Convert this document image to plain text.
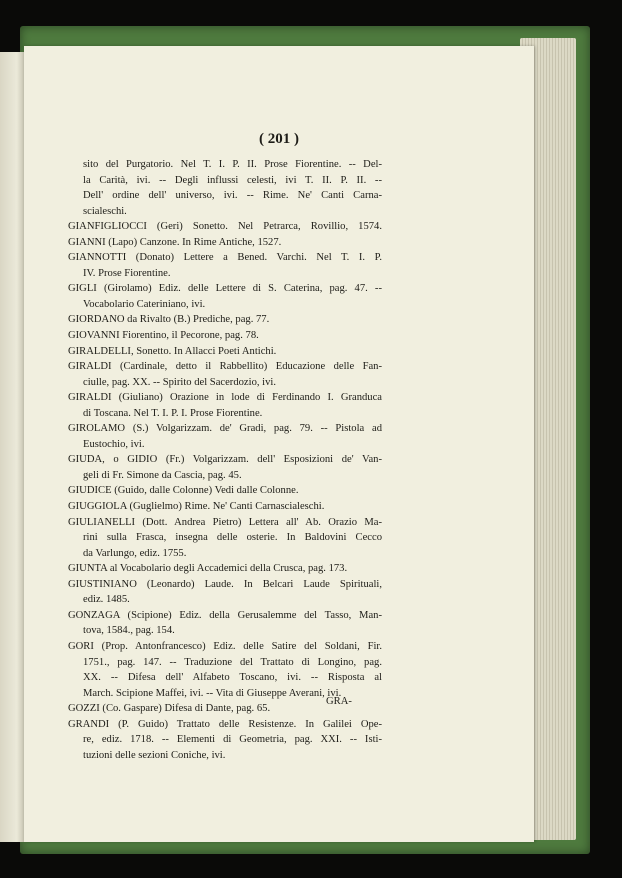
( 201 )
sito del Purgatorio. Nel T. I. P. II. Prose Fiorentine. -- Del-
la Carità, ivi. -- Degli influssi celesti, ivi T. II. P. II. --
Dell' ordine dell' universo, ivi. -- Rime. Ne' Canti Carna-
scialeschi.
GIANFIGLIOCCI (Geri) Sonetto. Nel Petrarca, Rovillio, 1574.
GIANNI (Lapo) Canzone. In Rime Antiche, 1527.
GIANNOTTI (Donato) Lettere a Bened. Varchi. Nel T. I. P.
IV. Prose Fiorentine.
GIGLI (Girolamo) Ediz. delle Lettere di S. Caterina, pag. 47. --
Vocabolario Cateriniano, ivi.
GIORDANO da Rivalto (B.) Prediche, pag. 77.
GIOVANNI Fiorentino, il Pecorone, pag. 78.
GIRALDELLI, Sonetto. In Allacci Poeti Antichi.
GIRALDI (Cardinale, detto il Rabbellito) Educazione delle Fan-
ciulle, pag. XX. -- Spirito del Sacerdozio, ivi.
GIRALDI (Giuliano) Orazione in lode di Ferdinando I. Granduca
di Toscana. Nel T. I. P. I. Prose Fiorentine.
GIROLAMO (S.) Volgarizzam. de' Gradi, pag. 79. -- Pistola ad
Eustochio, ivi.
GIUDA, o GIDIO (Fr.) Volgarizzam. dell' Esposizioni de' Van-
geli di Fr. Simone da Cascia, pag. 45.
GIUDICE (Guido, dalle Colonne) Vedi dalle Colonne.
GIUGGIOLA (Guglielmo) Rime. Ne' Canti Carnascialeschi.
GIULIANELLI (Dott. Andrea Pietro) Lettera all' Ab. Orazio Ma-
rini sulla Frasca, insegna delle osterie. In Baldovini Cecco
da Varlungo, ediz. 1755.
GIUNTA al Vocabolario degli Accademici della Crusca, pag. 173.
GIUSTINIANO (Leonardo) Laude. In Belcari Laude Spirituali,
ediz. 1485.
GONZAGA (Scipione) Ediz. della Gerusalemme del Tasso, Man-
tova, 1584., pag. 154.
GORI (Prop. Antonfrancesco) Ediz. delle Satire del Soldani, Fir.
1751., pag. 147. -- Traduzione del Trattato di Longino, pag.
XX. -- Difesa dell' Alfabeto Toscano, ivi. -- Risposta al
March. Scipione Maffei, ivi. -- Vita di Giuseppe Averani, ivi.
GOZZI (Co. Gaspare) Difesa di Dante, pag. 65.
GRANDI (P. Guido) Trattato delle Resistenze. In Galilei Ope-
re, ediz. 1718. -- Elementi di Geometria, pag. XXI. -- Isti-
tuzioni delle sezioni Coniche, ivi.
GRA-
